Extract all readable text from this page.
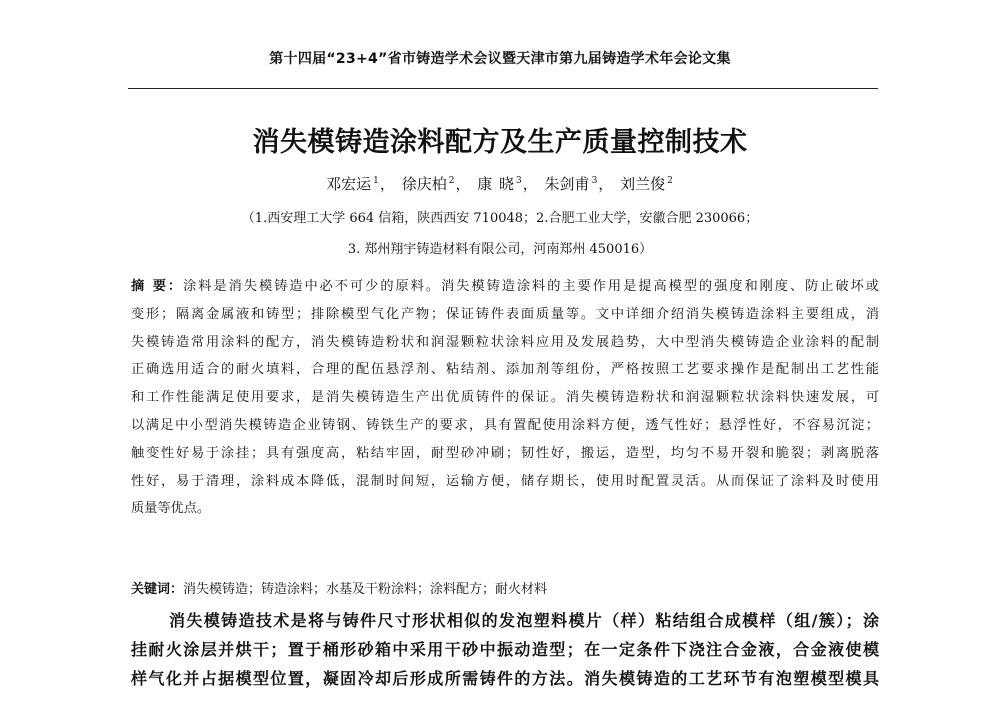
第十四届“23+4”省市铸造学术会议暨天津市第九届铸造学术年会论文集
消失模铸造涂料配方及生产质量控制技术
邓宏运 $^1$， 徐庆柏 $^2$， 康 晓 $^3$， 朱剑甫 $^3$， 刘兰俊 $^2$
（1.西安理工大学 664 信箱，陕西西安 710048；2.合肥工业大学，安徽合肥 230066；
3. 郑州翔宇铸造材料有限公司，河南郑州 450016）
摘 要：涂料是消失模铸造中必不可少的原料。消失模铸造涂料的主要作用是提高模型的强度和刚度、防止破坏或
变形；隔离金属液和铸型；排除模型气化产物；保证铸件表面质量等。文中详细介绍消失模铸造涂料主要组成，消
失模铸造常用涂料的配方，消失模铸造粉状和润湿颗粒状涂料应用及发展趋势，大中型消失模铸造企业涂料的配制
正确选用适合的耐火填料，合理的配伍悬浮剂、粘结剂、添加剂等组份，严格按照工艺要求操作是配制出工艺性能
和工作性能满足使用要求，是消失模铸造生产出优质铸件的保证。消失模铸造粉状和润湿颗粒状涂料快速发展，可
以满足中小型消失模铸造企业铸钢、铸铁生产的要求，具有置配使用涂料方便，透气性好；悬浮性好，不容易沉淀；
触变性好易于涂挂；具有强度高，粘结牢固，耐型砂冲刷；韧性好，搬运，造型，均匀不易开裂和脆裂；剥离脱落
性好，易于清理，涂料成本降低，混制时间短，运输方便，储存期长，使用时配置灵活。从而保证了涂料及时使用
质量等优点。
关键词：消失模铸造；铸造涂料；水基及干粉涂料；涂料配方；耐火材料
消失模铸造技术是将与铸件尺寸形状相似的发泡塑料模片（样）粘结组合成模样（组/簇）；涂
挂耐火涂层并烘干；置于桶形砂箱中采用干砂中振动造型；在一定条件下浇注合金液，合金液使模
样气化并占据模型位置，凝固冷却后形成所需铸件的方法。消失模铸造的工艺环节有泡塑模型模具
